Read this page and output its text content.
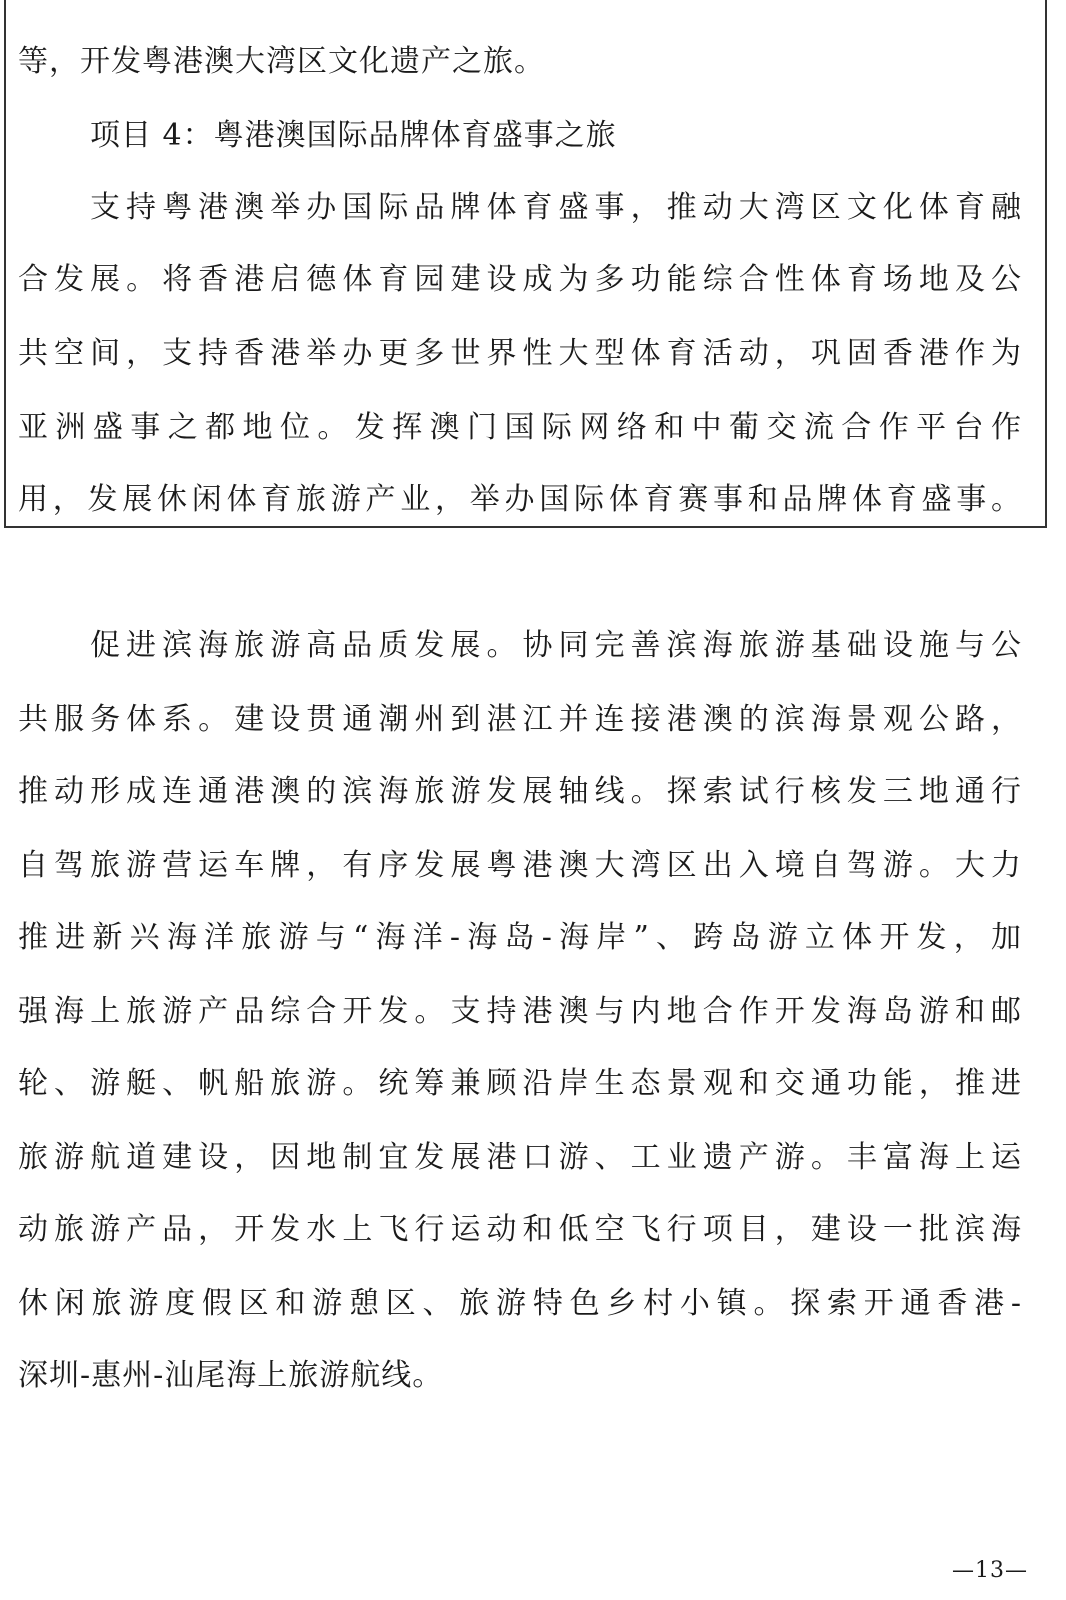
等，开发粤港澳大湾区文化遗产之旅。
项目 4：粤港澳国际品牌体育盛事之旅
支持粤港澳举办国际品牌体育盛事，推动大湾区文化体育融
合发展。将香港启德体育园建设成为多功能综合性体育场地及公
共空间，支持香港举办更多世界性大型体育活动，巩固香港作为
亚洲盛事之都地位。发挥澳门国际网络和中葡交流合作平台作
用，发展休闲体育旅游产业，举办国际体育赛事和品牌体育盛事。
促进滨海旅游高品质发展。协同完善滨海旅游基础设施与公
共服务体系。建设贯通潮州到湛江并连接港澳的滨海景观公路，
推动形成连通港澳的滨海旅游发展轴线。探索试行核发三地通行
自驾旅游营运车牌，有序发展粤港澳大湾区出入境自驾游。大力
推进新兴海洋旅游与“海洋-海岛-海岸”、跨岛游立体开发，加
强海上旅游产品综合开发。支持港澳与内地合作开发海岛游和邮
轮、游艇、帆船旅游。统筹兼顾沿岸生态景观和交通功能，推进
旅游航道建设，因地制宜发展港口游、工业遗产游。丰富海上运
动旅游产品，开发水上飞行运动和低空飞行项目，建设一批滨海
休闲旅游度假区和游憩区、旅游特色乡村小镇。探索开通香港-
深圳-惠州-汕尾海上旅游航线。
—13—
